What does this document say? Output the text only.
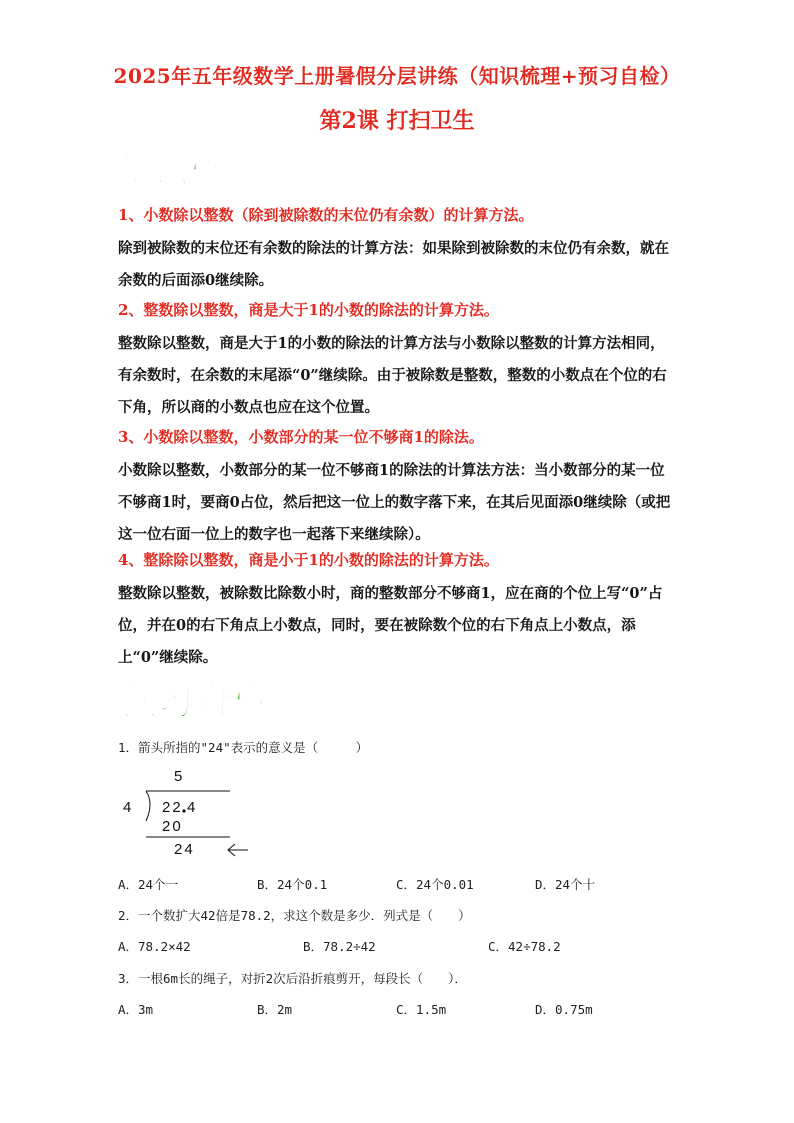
2025年五年级数学上册暑假分层讲练（知识梳理+预习自检）
第2课 打扫卫生
知识梳理
1、小数除以整数（除到被除数的末位仍有余数）的计算方法。
除到被除数的末位还有余数的除法的计算方法：如果除到被除数的末位仍有余数，就在余数的后面添0继续除。
2、整数除以整数，商是大于1的小数的除法的计算方法。
整数除以整数，商是大于1的小数的除法的计算方法与小数除以整数的计算方法相同，有余数时，在余数的末尾添“0”继续除。由于被除数是整数，整数的小数点在个位的右下角，所以商的小数点也应在这个位置。
3、小数除以整数，小数部分的某一位不够商1的除法。
小数除以整数，小数部分的某一位不够商1的除法的计算法方法：当小数部分的某一位不够商1时，要商0占位，然后把这一位上的数字落下来，在其后见面添0继续除（或把这一位右面一位上的数字也一起落下来继续除）。
4、整除除以整数，商是小于1的小数的除法的计算方法。
整数除以整数，被除数比除数小时，商的整数部分不够商1，应在商的个位上写“0”占位，并在0的右下角点上小数点，同时，要在被除数个位的右下角点上小数点，添上“0”继续除。
预习自检
1．箭头所指的"24"表示的意义是（　　　）
5
4 22 4
20
24
A．24个一	B．24个0.1	C．24个0.01	D．24个十
2．一个数扩大42倍是78.2，求这个数是多少．列式是（　　）
A．78.2×42	B．78.2÷42	C．42÷78.2
3．一根6m长的绳子，对折2次后沿折痕剪开，每段长（　　）．
A．3m	B．2m	C．1.5m	D．0.75m
